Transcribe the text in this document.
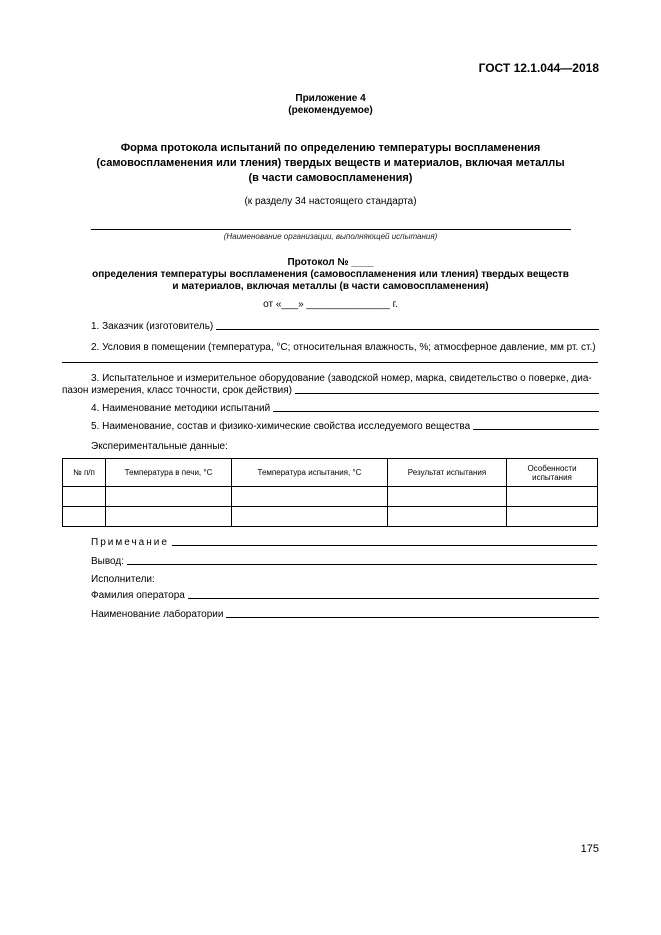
ГОСТ 12.1.044—2018
Приложение 4
(рекомендуемое)
Форма протокола испытаний по определению температуры воспламенения
(самовоспламенения или тления) твердых веществ и материалов, включая металлы
(в части самовоспламенения)
(к разделу 34 настоящего стандарта)
(Наименование организации, выполняющей испытания)
Протокол № ____
определения температуры воспламенения (самовоспламенения или тления) твердых веществ
и материалов, включая металлы (в части самовоспламенения)
от «___» _______________ г.
1. Заказчик (изготовитель)
2. Условия в помещении (температура, °С; относительная влажность, %; атмосферное давление, мм рт. ст.)
3. Испытательное и измерительное оборудование (заводской номер, марка, свидетельство о поверке, диа-
пазон измерения, класс точности, срок действия)
4. Наименование методики испытаний
5. Наименование, состав и физико-химические свойства исследуемого вещества
Экспериментальные данные:
№ п/п	Температура в печи, °С	Температура испытания, °С	Результат испытания	Особенности испытания

Примечание
Вывод:
Исполнители:
Фамилия оператора
Наименование лаборатории
175
